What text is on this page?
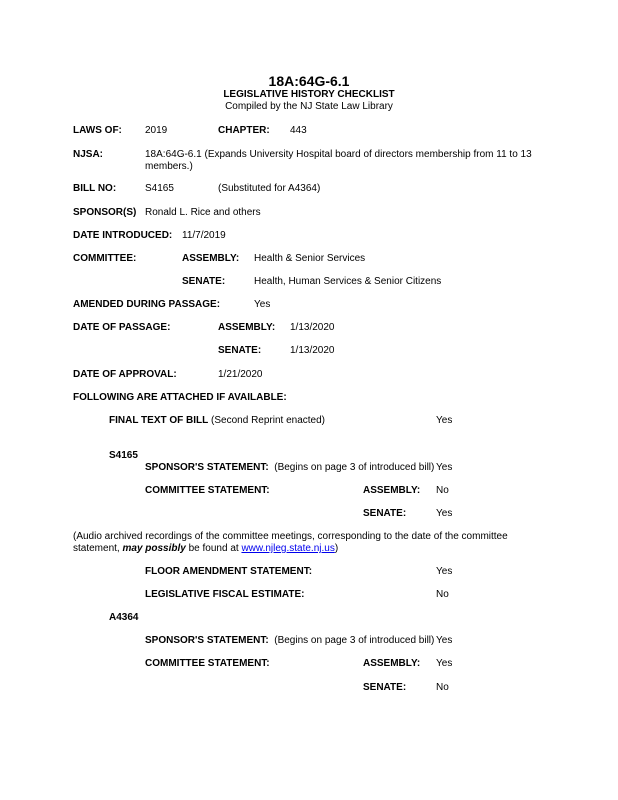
18A:64G-6.1
LEGISLATIVE HISTORY CHECKLIST
Compiled by the NJ State Law Library
LAWS OF: 2019	CHAPTER: 443
NJSA:	18A:64G-6.1 (Expands University Hospital board of directors membership from 11 to 13
members.)
BILL NO:	S4165	(Substituted for A4364)
SPONSOR(S) Ronald L. Rice and others
DATE INTRODUCED: 11/7/2019
COMMITTEE:	ASSEMBLY: Health & Senior Services
SENATE:	Health, Human Services & Senior Citizens
AMENDED DURING PASSAGE:	Yes
DATE OF PASSAGE:	ASSEMBLY: 1/13/2020
SENATE:	1/13/2020
DATE OF APPROVAL:	1/21/2020
FOLLOWING ARE ATTACHED IF AVAILABLE:
FINAL TEXT OF BILL (Second Reprint enacted)	Yes
S4165
SPONSOR'S STATEMENT: (Begins on page 3 of introduced bill) Yes
COMMITTEE STATEMENT:	ASSEMBLY: No
SENATE:	Yes
(Audio archived recordings of the committee meetings, corresponding to the date of the committee
statement, may possibly be found at www.njleg.state.nj.us)
FLOOR AMENDMENT STATEMENT:	Yes
LEGISLATIVE FISCAL ESTIMATE:	No
A4364
SPONSOR'S STATEMENT: (Begins on page 3 of introduced bill) Yes
COMMITTEE STATEMENT:	ASSEMBLY: Yes
SENATE:	No
